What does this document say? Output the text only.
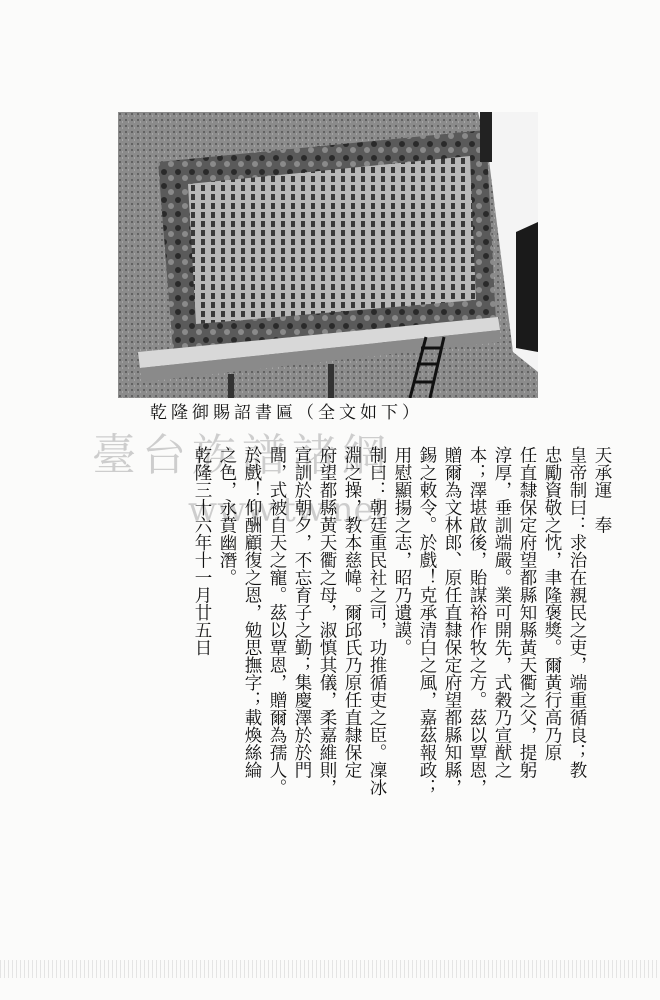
乾隆御賜詔書匾（全文如下）
臺台族譜諸網
www.tw.net	天承運　奉
皇帝制曰：求治在親民之吏，端重循良；教
忠勵資敬之忱，聿隆褒獎。爾黃行高乃原
任直隸保定府望都縣知縣黃天衢之父，提躬
淳厚，垂訓端嚴。業可開先，式穀乃宣猷之
本；澤堪啟後，貽謀裕作牧之方。茲以覃恩，
贈爾為文林郎、原任直隸保定府望都縣知縣，
錫之敕令。於戲！克承清白之風，嘉茲報政；
用慰顯揚之志，昭乃遺謨。
制曰：朝廷重民社之司，功推循吏之臣。凜冰
淵之操，教本慈幃。爾邱氏乃原任直隸保定
府望都縣黃天衢之母，淑慎其儀，柔嘉維則，
宣訓於朝夕，不忘育子之勤；集慶澤於於門
閭，式被自天之寵。茲以覃恩，贈爾為孺人。
於戲！仰酬顧復之恩，勉思撫字；載煥絲綸
之色，永賁幽潛。
乾隆三十六年十一月廿五日
